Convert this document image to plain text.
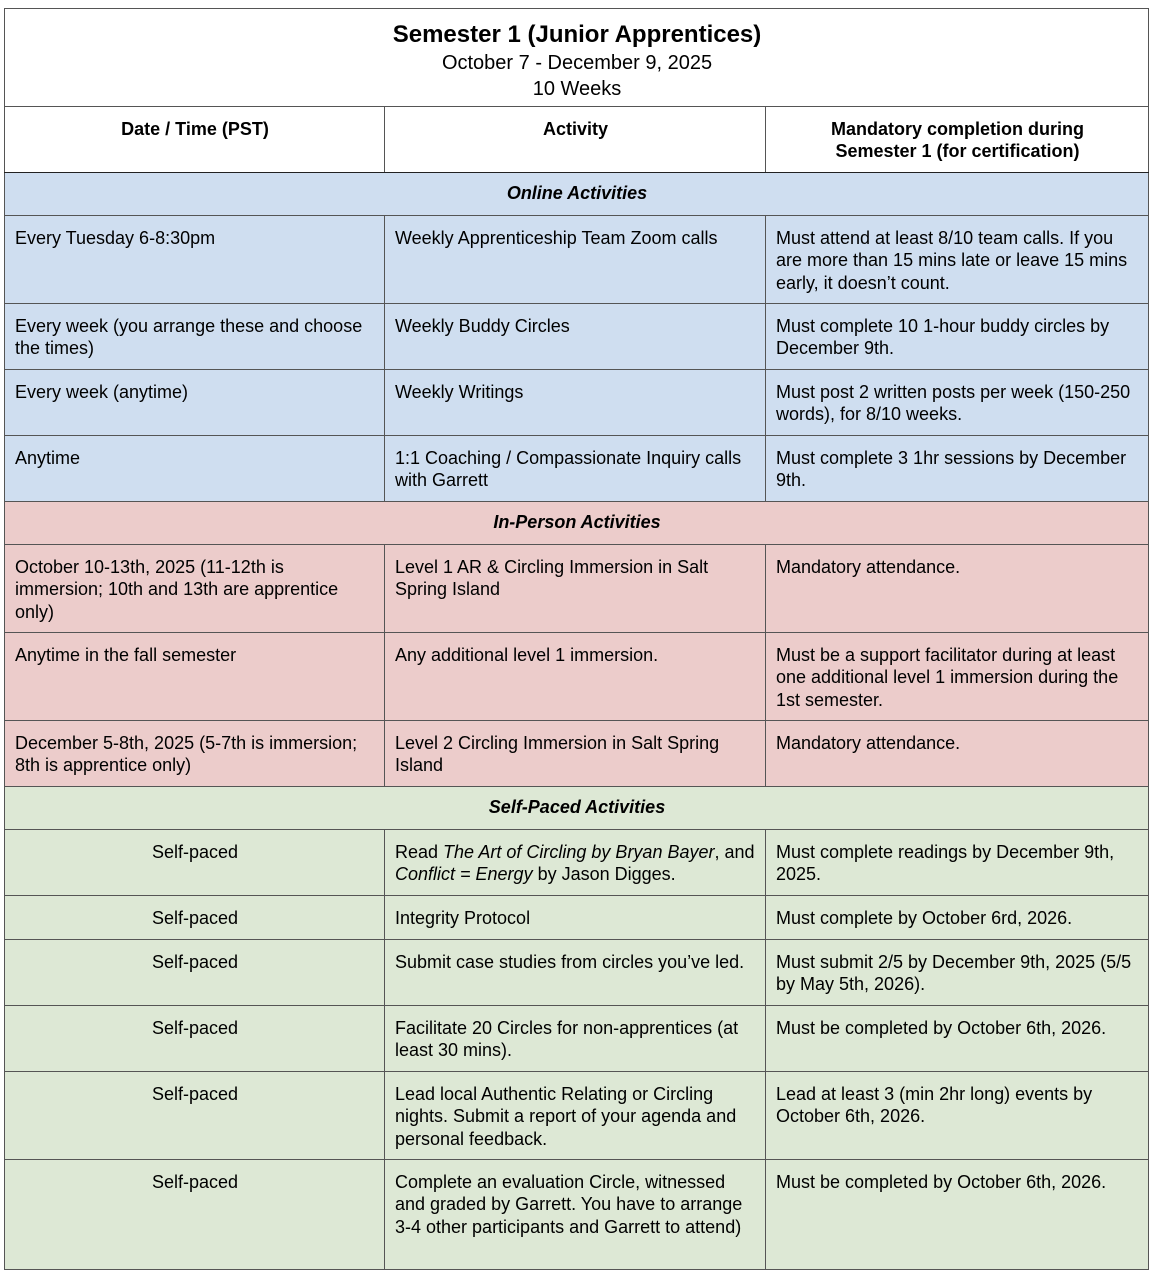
Semester 1 (Junior Apprentices)
October 7 - December 9, 2025
10 Weeks		

Date / Time (PST)	Activity	Mandatory completion during
Semester 1 (for certification)
Online Activities		
Every Tuesday 6-8:30pm	Weekly Apprenticeship Team Zoom calls	Must attend at least 8/10 team calls. If you are more than 15 mins late or leave 15 mins early, it doesn’t count.
Every week (you arrange these and choose the times)	Weekly Buddy Circles	Must complete 10 1-hour buddy circles by December 9th.
Every week (anytime)	Weekly Writings	Must post 2 written posts per week (150-250 words), for 8/10 weeks.
Anytime	1:1 Coaching / Compassionate Inquiry calls with Garrett	Must complete 3 1hr sessions by December 9th.
In-Person Activities		
October 10-13th, 2025 (11-12th is immersion; 10th and 13th are apprentice only)	Level 1 AR & Circling Immersion in Salt Spring Island	Mandatory attendance.
Anytime in the fall semester	Any additional level 1 immersion.	Must be a support facilitator during at least one additional level 1 immersion during the 1st semester.
December 5-8th, 2025 (5-7th is immersion; 8th is apprentice only)	Level 2 Circling Immersion in Salt Spring Island	Mandatory attendance.
Self-Paced Activities		
Self-paced	Read The Art of Circling by Bryan Bayer, and Conflict = Energy by Jason Digges.	Must complete readings by December 9th, 2025.
Self-paced	Integrity Protocol	Must complete by October 6rd, 2026.
Self-paced	Submit case studies from circles you’ve led.	Must submit 2/5 by December 9th, 2025 (5/5 by May 5th, 2026).
Self-paced	Facilitate 20 Circles for non-apprentices (at least 30 mins).	Must be completed by October 6th, 2026.
Self-paced	Lead local Authentic Relating or Circling nights. Submit a report of your agenda and personal feedback.	Lead at least 3 (min 2hr long) events by October 6th, 2026.
Self-paced	Complete an evaluation Circle, witnessed and graded by Garrett. You have to arrange 3-4 other participants and Garrett to attend)	Must be completed by October 6th, 2026.
